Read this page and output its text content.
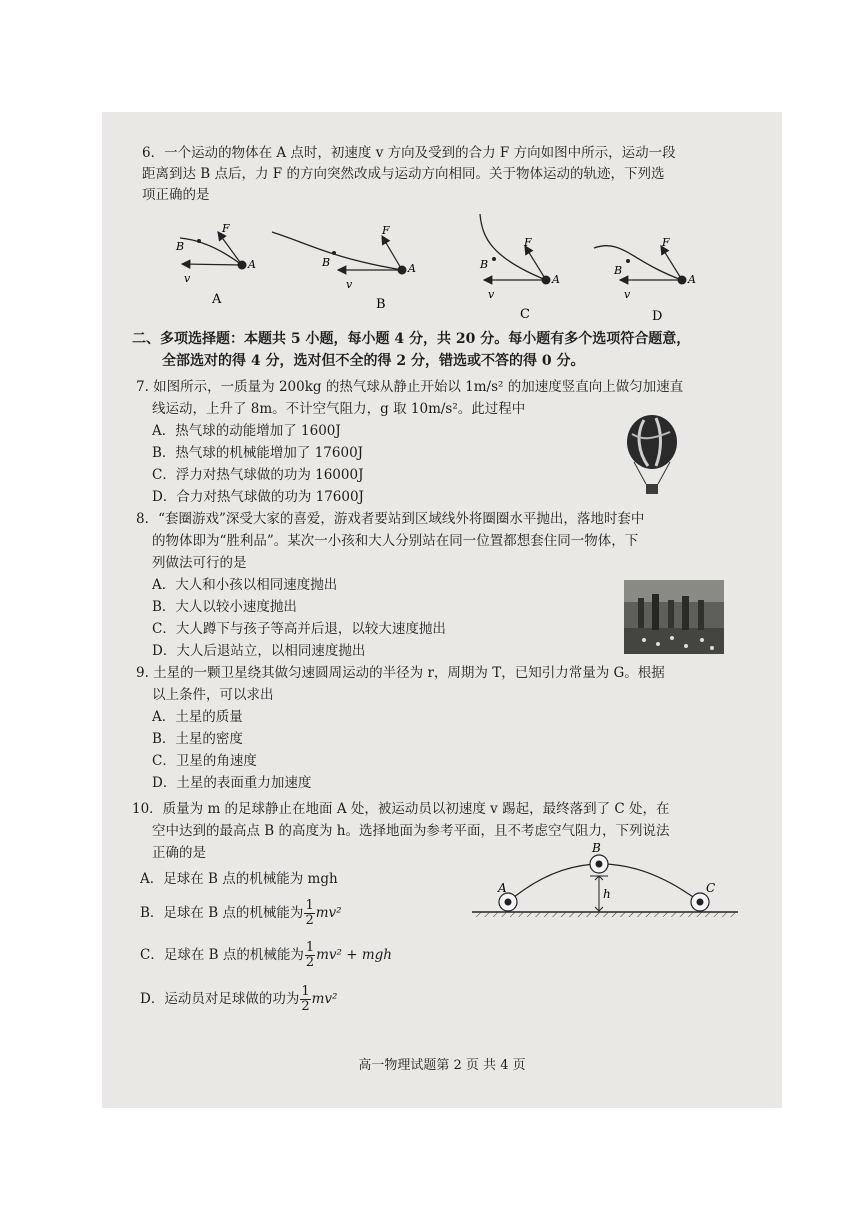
6．一个运动的物体在 A 点时，初速度 v 方向及受到的合力 F 方向如图中所示，运动一段
距离到达 B 点后，力 F 的方向突然改成与运动方向相同。关于物体运动的轨迹，下列选
项正确的是
B
A
F
v
A
B	A
F
v
B
B
A
F
v
C
B
A
F
v
D
二、多项选择题：本题共 5 小题，每小题 4 分，共 20 分。每小题有多个选项符合题意，
全部选对的得 4 分，选对但不全的得 2 分，错选或不答的得 0 分。
7. 如图所示，一质量为 200kg 的热气球从静止开始以 1m/s² 的加速度竖直向上做匀加速直
线运动，上升了 8m。不计空气阻力，g 取 10m/s²。此过程中
A．热气球的动能增加了 1600J
B．热气球的机械能增加了 17600J
C．浮力对热气球做的功为 16000J
D．合力对热气球做的功为 17600J
8．“套圈游戏”深受大家的喜爱，游戏者要站到区域线外将圈圈水平抛出，落地时套中
的物体即为“胜利品”。某次一小孩和大人分别站在同一位置都想套住同一物体，下
列做法可行的是
A．大人和小孩以相同速度抛出
B．大人以较小速度抛出
C．大人蹲下与孩子等高并后退，以较大速度抛出
D．大人后退站立，以相同速度抛出
9. 土星的一颗卫星绕其做匀速圆周运动的半径为 r，周期为 T，已知引力常量为 G。根据
以上条件，可以求出
A．土星的质量
B．土星的密度
C．卫星的角速度
D．土星的表面重力加速度
10．质量为 m 的足球静止在地面 A 处，被运动员以初速度 v 踢起，最终落到了 C 处，在
空中达到的最高点 B 的高度为 h。选择地面为参考平面，且不考虑空气阻力，下列说法
正确的是
A．足球在 B 点的机械能为 mgh
B．足球在 B 点的机械能为 $\frac{1}{2} mv^2$
C．足球在 B 点的机械能为 $\frac{1}{2} mv^2$ + mgh
D．运动员对足球做的功为 $\frac{1}{2} mv^2$
A
B
C
h
高一物理试题第 2 页 共 4 页
